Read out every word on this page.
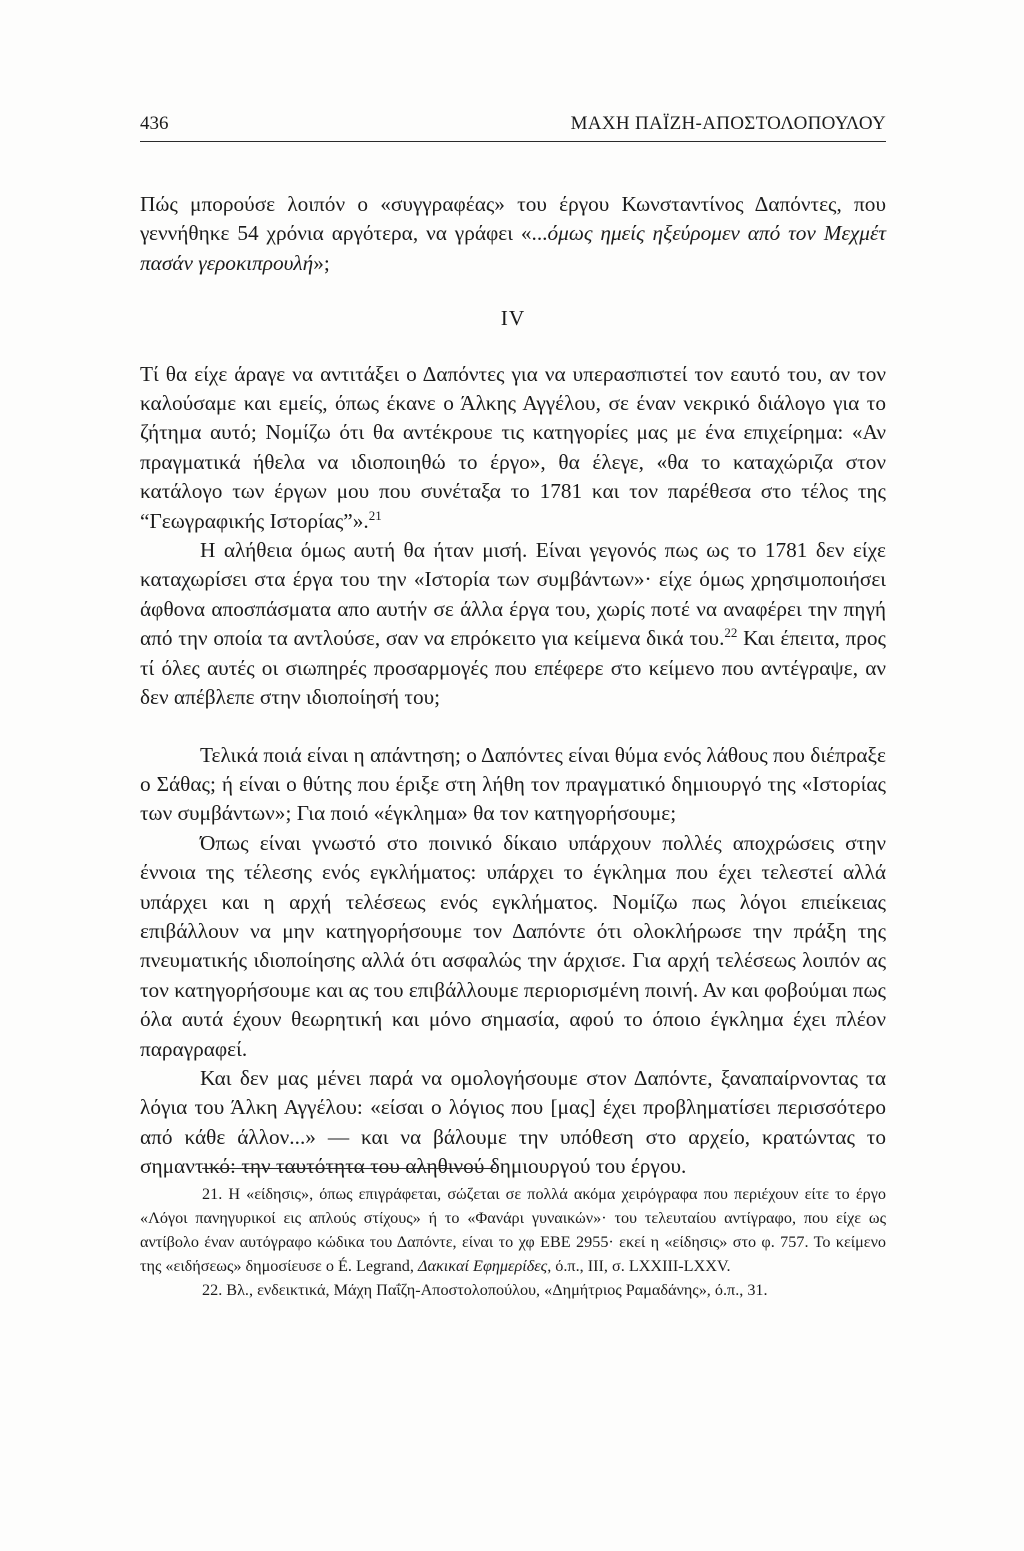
436	ΜΑΧΗ ΠΑΪΖΗ-ΑΠΟΣΤΟΛΟΠΟΥΛΟΥ

Πώς μπορούσε λοιπόν ο «συγγραφέας» του έργου Κωνσταντίνος Δαπόντες, που γεννήθηκε 54 χρόνια αργότερα, να γράφει «...όμως ημείς ηξεύρομεν από τον Μεχμέτ πασάν γεροκιπρουλή»;

IV

Τί θα είχε άραγε να αντιτάξει ο Δαπόντες για να υπερασπιστεί τον εαυτό του, αν τον καλούσαμε και εμείς, όπως έκανε ο Άλκης Αγγέλου, σε έναν νεκρικό διάλογο για το ζήτημα αυτό; Νομίζω ότι θα αντέκρουε τις κατηγορίες μας με ένα επιχείρημα: «Αν πραγματικά ήθελα να ιδιοποιηθώ το έργο», θα έλεγε, «θα το καταχώριζα στον κατάλογο των έργων μου που συνέταξα το 1781 και τον παρέθεσα στο τέλος της “Γεωγραφικής Ιστορίας”».$^{21}$

Η αλήθεια όμως αυτή θα ήταν μισή. Είναι γεγονός πως ως το 1781 δεν είχε καταχωρίσει στα έργα του την «Ιστορία των συμβάντων»· είχε όμως χρησιμοποιήσει άφθονα αποσπάσματα απο αυτήν σε άλλα έργα του, χωρίς ποτέ να αναφέρει την πηγή από την οποία τα αντλούσε, σαν να επρόκειτο για κείμενα δικά του.$^{22}$ Και έπειτα, προς τί όλες αυτές οι σιωπηρές προσαρμογές που επέφερε στο κείμενο που αντέγραψε, αν δεν απέβλεπε στην ιδιοποίησή του;

Τελικά ποιά είναι η απάντηση; ο Δαπόντες είναι θύμα ενός λάθους που διέπραξε ο Σάθας; ή είναι ο θύτης που έριξε στη λήθη τον πραγματικό δημιουργό της «Ιστορίας των συμβάντων»; Για ποιό «έγκλημα» θα τον κατηγορήσουμε;

Όπως είναι γνωστό στο ποινικό δίκαιο υπάρχουν πολλές αποχρώσεις στην έννοια της τέλεσης ενός εγκλήματος: υπάρχει το έγκλημα που έχει τελεστεί αλλά υπάρχει και η αρχή τελέσεως ενός εγκλήματος. Νομίζω πως λόγοι επιείκειας επιβάλλουν να μην κατηγορήσουμε τον Δαπόντε ότι ολοκλήρωσε την πράξη της πνευματικής ιδιοποίησης αλλά ότι ασφαλώς την άρχισε. Για αρχή τελέσεως λοιπόν ας τον κατηγορήσουμε και ας του επιβάλλουμε περιορισμένη ποινή. Αν και φοβούμαι πως όλα αυτά έχουν θεωρητική και μόνο σημασία, αφού το όποιο έγκλημα έχει πλέον παραγραφεί.

Και δεν μας μένει παρά να ομολογήσουμε στον Δαπόντε, ξαναπαίρνοντας τα λόγια του Άλκη Αγγέλου: «είσαι ο λόγιος που [μας] έχει προβληματίσει περισσότερο από κάθε άλλον...» — και να βάλουμε την υπόθεση στο αρχείο, κρατώντας το σημαντικό: την ταυτότητα του αληθινού δημιουργού του έργου.

21. Η «είδησις», όπως επιγράφεται, σώζεται σε πολλά ακόμα χειρόγραφα που περιέχουν είτε το έργο «Λόγοι πανηγυρικοί εις απλούς στίχους» ή το «Φανάρι γυναικών»· του τελευταίου αντίγραφο, που είχε ως αντίβολο έναν αυτόγραφο κώδικα του Δαπόντε, είναι το χφ ΕΒΕ 2955· εκεί η «είδησις» στο φ. 757. Το κείμενο της «ειδήσεως» δημοσίευσε ο É. Legrand, Δακικαί Εφημερίδες, ό.π., III, σ. LXXIII-LXXV.

22. Βλ., ενδεικτικά, Μάχη Παΐζη-Αποστολοπούλου, «Δημήτριος Ραμαδάνης», ό.π., 31.
